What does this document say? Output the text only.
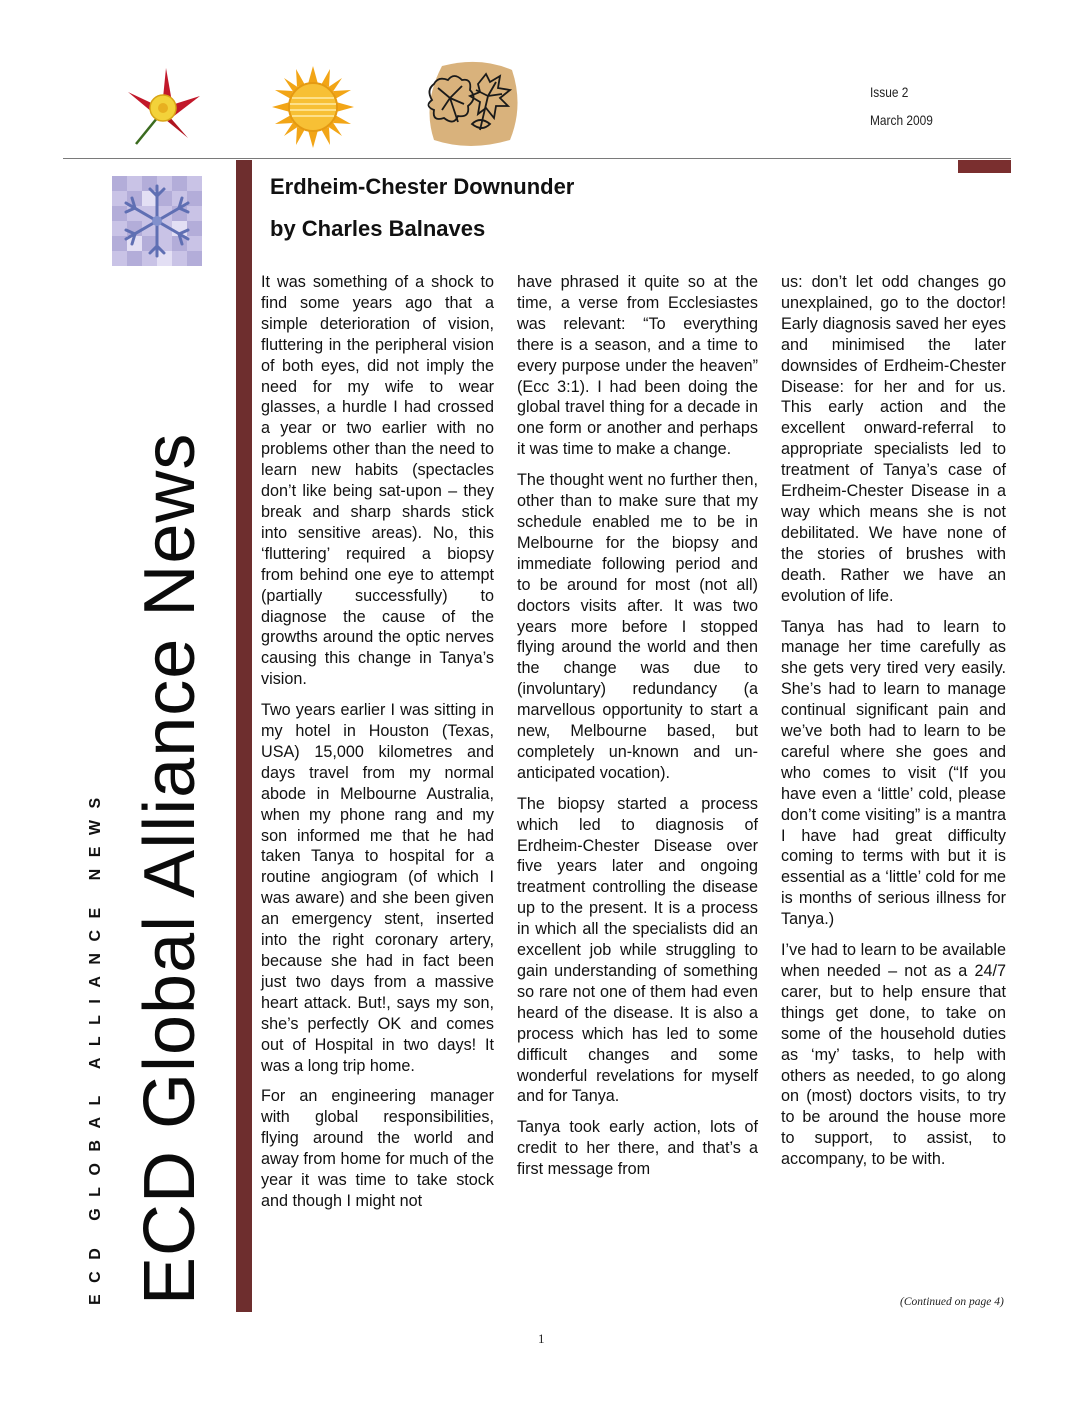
Issue 2
March 2009
ECD Global Alliance News
ECD GLOBAL ALLIANCE NEWS
Erdheim-Chester Downunder
by Charles Balnaves

It was something of a shock to find some years ago that a simple deterioration of vision, fluttering in the peripheral vision of both eyes, did not imply the need for my wife to wear glasses, a hurdle I had crossed a year or two earlier with no problems other than the need to learn new habits (spectacles don’t like being sat-upon – they break and sharp shards stick into sensitive areas). No, this ‘fluttering’ required a biopsy from behind one eye to attempt (partially successfully) to diagnose the cause of the growths around the optic nerves causing this change in Tanya’s vision.

Two years earlier I was sitting in my hotel in Houston (Texas, USA) 15,000 kilometres and days travel from my normal abode in Melbourne Australia, when my phone rang and my son informed me that he had taken Tanya to hospital for a routine angiogram (of which I was aware) and she been given an emergency stent, inserted into the right coronary artery, because she had in fact been just two days from a massive heart attack. But!, says my son, she’s perfectly OK and comes out of Hospital in two days! It was a long trip home.

For an engineering manager with global responsibilities, flying around the world and away from home for much of the year it was time to take stock and though I might not

have phrased it quite so at the time, a verse from Ecclesiastes was relevant: “To everything there is a season, and a time to every purpose under the heaven” (Ecc 3:1). I had been doing the global travel thing for a decade in one form or another and perhaps it was time to make a change.

The thought went no further then, other than to make sure that my schedule enabled me to be in Melbourne for the biopsy and immediate following period and to be around for most (not all) doctors visits after. It was two years more before I stopped flying around the world and then the change was due to (involuntary) redundancy (a marvellous opportunity to start a new, Melbourne based, but completely un-known and un-anticipated vocation).

The biopsy started a process which led to diagnosis of Erdheim-Chester Disease over five years later and ongoing treatment controlling the disease up to the present. It is a process in which all the specialists did an excellent job while struggling to gain understanding of something so rare not one of them had even heard of the disease. It is also a process which has led to some difficult changes and some wonderful revelations for myself and for Tanya.

Tanya took early action, lots of credit to her there, and that’s a first message from

us: don’t let odd changes go unexplained, go to the doctor! Early diagnosis saved her eyes and minimised the later downsides of Erdheim-Chester Disease: for her and for us. This early action and the excellent onward-referral to appropriate specialists led to treatment of Tanya’s case of Erdheim-Chester Disease in a way which means she is not debilitated. We have none of the stories of brushes with death. Rather we have an evolution of life.

Tanya has had to learn to manage her time carefully as she gets very tired very easily. She’s had to learn to manage continual significant pain and we’ve both had to learn to be careful where she goes and who comes to visit (“If you have even a ‘little’ cold, please don’t come visiting” is a mantra I have had great difficulty coming to terms with but it is essential as a ‘little’ cold for me is months of serious illness for Tanya.)

I’ve had to learn to be available when needed – not as a 24/7 carer, but to help ensure that things get done, to take on some of the household duties as ‘my’ tasks, to help with others as needed, to go along on (most) doctors visits, to try to be around the house more to support, to assist, to accompany, to be with.

(Continued on page 4)
1
